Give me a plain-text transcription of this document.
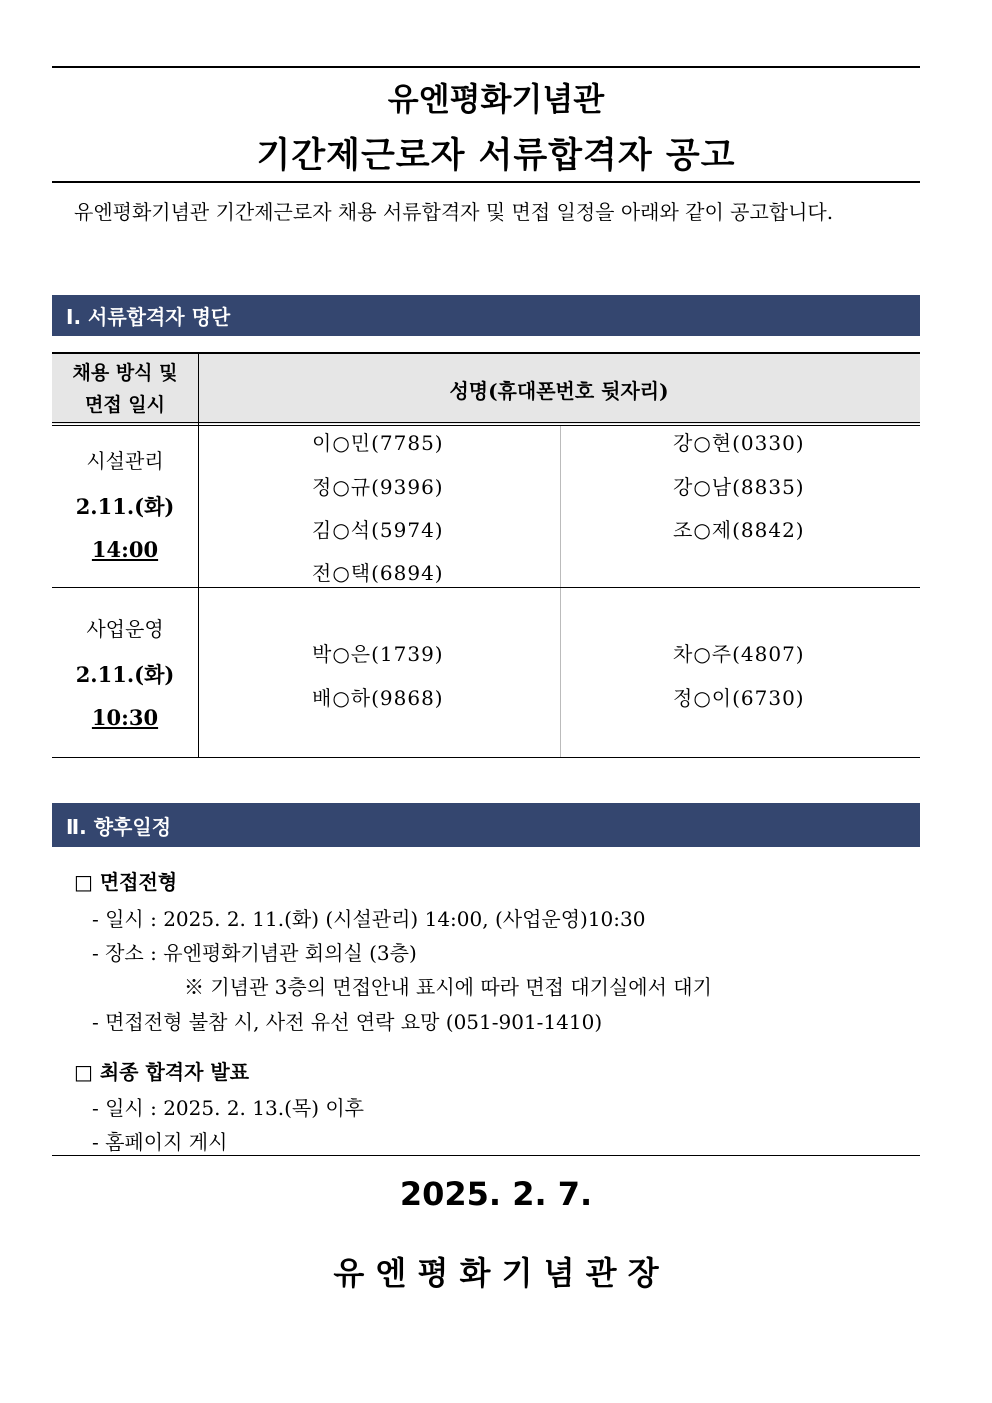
유엔평화기념관
기간제근로자 서류합격자 공고
유엔평화기념관 기간제근로자 채용 서류합격자 및 면접 일정을 아래와 같이 공고합니다.
Ⅰ. 서류합격자 명단
채용 방식 및
면접 일시
성명(휴대폰번호 뒷자리)
시설관리
2.11.(화)
14:00
이○민(7785)
정○규(9396)
김○석(5974)
전○택(6894)
강○현(0330)
강○남(8835)
조○제(8842)
사업운영
2.11.(화)
10:30
박○은(1739)
배○하(9868)
차○주(4807)
정○이(6730)
Ⅱ. 향후일정
□ 면접전형
- 일시 : 2025. 2. 11.(화) (시설관리) 14:00, (사업운영)10:30
- 장소 : 유엔평화기념관 회의실 (3층)
※ 기념관 3층의 면접안내 표시에 따라 면접 대기실에서 대기
- 면접전형 불참 시, 사전 유선 연락 요망 (051-901-1410)
□ 최종 합격자 발표
- 일시 : 2025. 2. 13.(목) 이후
- 홈페이지 게시
2025. 2. 7.
유 엔 평 화 기 념 관 장
